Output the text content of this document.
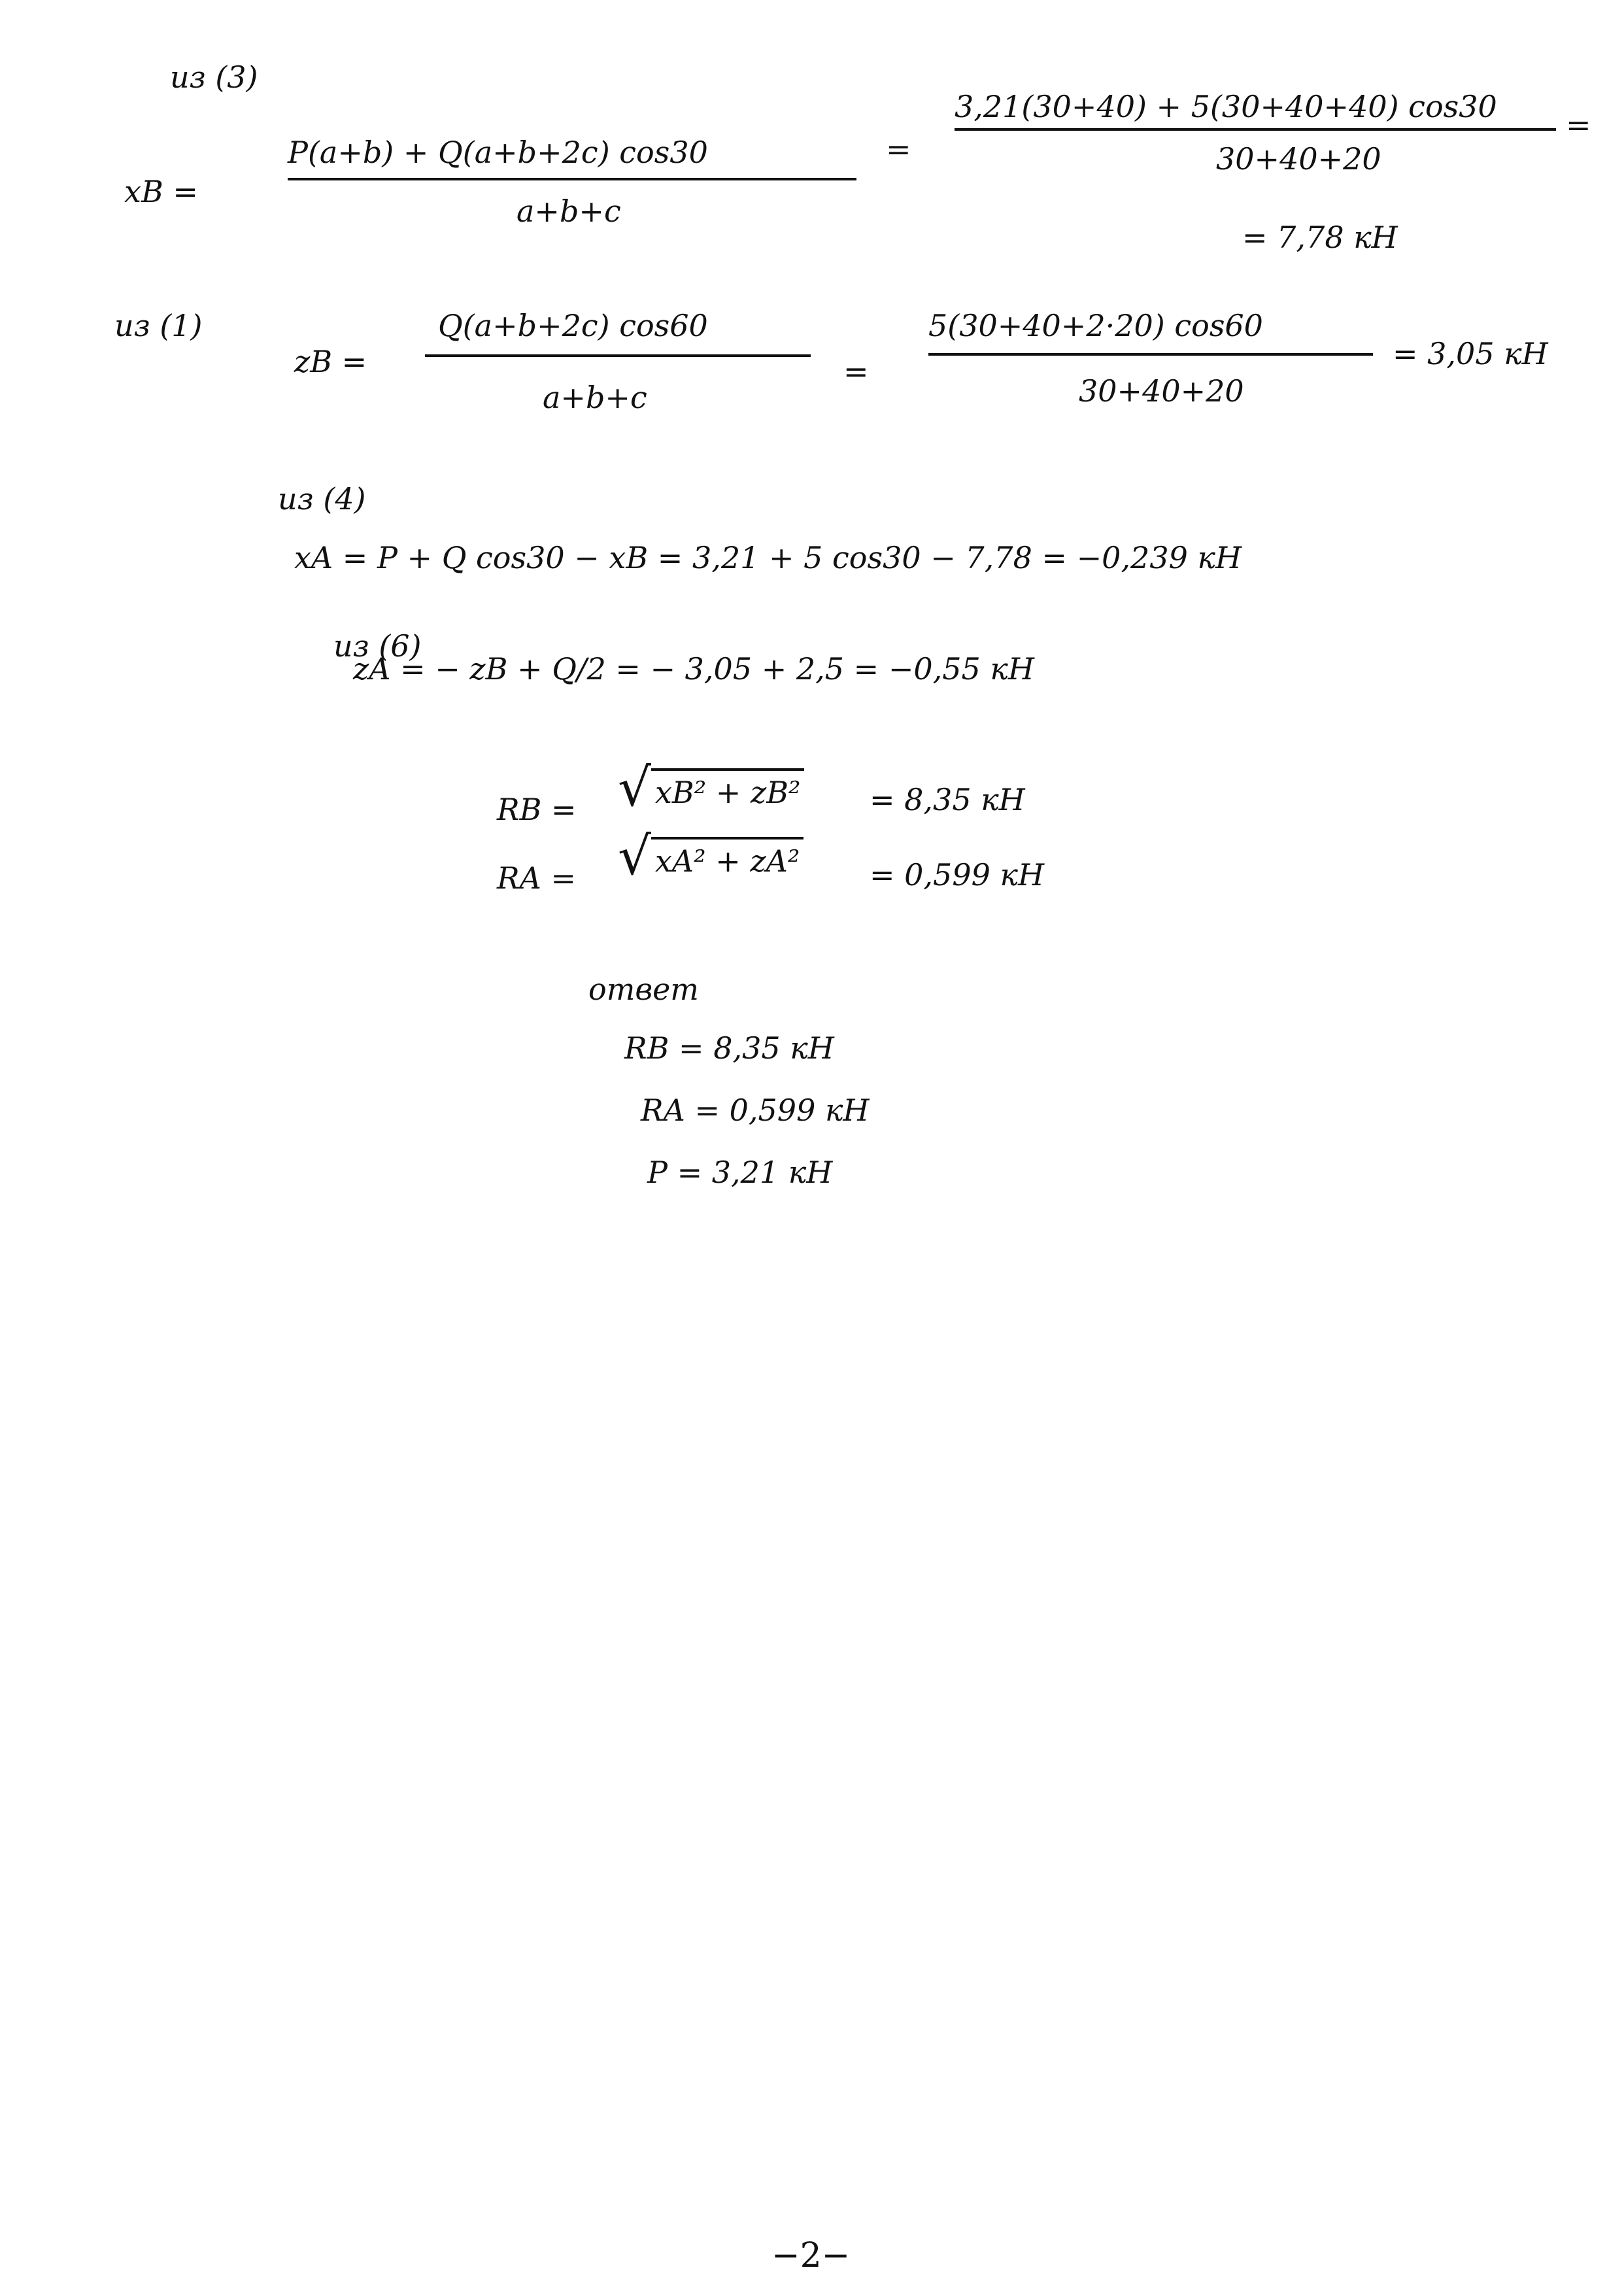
из (3)
xB =
P(a+b) + Q(a+b+2c) cos30
a+b+c
=
3,21(30+40) + 5(30+40+40) cos30
30+40+20
=
= 7,78 кН
из (1)
zB =
Q(a+b+2c) cos60
a+b+c
=
5(30+40+2·20) cos60
30+40+20
= 3,05 кН
из (4)
xA = P + Q cos30 − xB = 3,21 + 5 cos30 − 7,78 = −0,239 кН
из (6)
zA = − zB + Q/2 = − 3,05 + 2,5 = −0,55 кН
RB = √ xB² + zB² = 8,35 кН
RA = √ xA² + zA² = 0,599 кН
ответ
RB = 8,35 кН
RA = 0,599 кН
P = 3,21 кН
−2−
